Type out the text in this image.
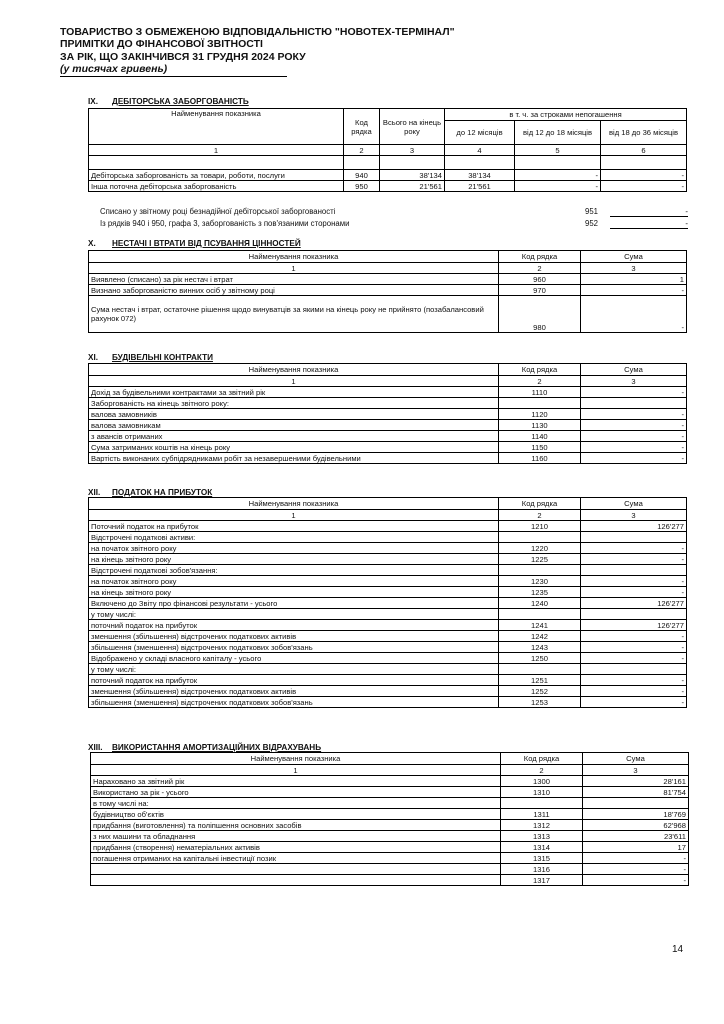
ТОВАРИСТВО З ОБМЕЖЕНОЮ ВІДПОВІДАЛЬНІСТЮ "НОВОТЕХ-ТЕРМІНАЛ"
ПРИМІТКИ ДО ФІНАНСОВОЇ ЗВІТНОСТІ
ЗА РІК, ЩО ЗАКІНЧИВСЯ 31 ГРУДНЯ 2024 РОКУ
(у тисячах гривень)
IX. ДЕБІТОРСЬКА ЗАБОРГОВАНІСТЬ
Найменування показника	Код рядка	Всього на кінець року	в т. ч. за строками непогашення		
			до 12 місяців	від 12 до 18 місяців	від 18 до 36 місяців
1	2	3	4	5	6

Дебіторська заборгованість за товари, роботи, послуги	940	38'134	38'134	-	-
Інша поточна дебіторська заборгованість	950	21'561	21'561	-	-
Списано у звітному році безнадійної дебіторської заборгованості	951	-
Із рядків 940 і 950, графа 3, заборгованість з пов'язаними сторонами	952	-
X. НЕСТАЧІ І ВТРАТИ ВІД ПСУВАННЯ ЦІННОСТЕЙ
Найменування показника	Код рядка	Сума
1	2	3
Виявлено (списано) за рік нестач і втрат	960	1
Визнано заборгованістю винних осіб у звітному році	970	-
Сума нестач і втрат, остаточне рішення щодо винуватців за якими на кінець року не прийнято (позабалансовий рахунок 072)	980	-
XI. БУДІВЕЛЬНІ КОНТРАКТИ
Найменування показника	Код рядка	Сума
1	2	3
Дохід за будівельними контрактами за звітний рік	1110	-
Заборгованість на кінець звітного року:		
валова замовників	1120	-
валова замовникам	1130	-
з авансів отриманих	1140	-
Сума затриманих коштів на кінець року	1150	-
Вартість виконаних субпідрядниками робіт за незавершеними будівельними	1160	-
XII. ПОДАТОК НА ПРИБУТОК
Найменування показника	Код рядка	Сума
1	2	3
Поточний податок на прибуток	1210	126'277
Відстрочені податкові активи:		
на початок звітного року	1220	-
на кінець звітного року	1225	-
Відстрочені податкові зобов'язання:		
на початок звітного року	1230	-
на кінець звітного року	1235	-
Включено до Звіту про фінансові результати - усього	1240	126'277
у тому числі:		
поточний податок на прибуток	1241	126'277
зменшення (збільшення) відстрочених податкових активів	1242	-
збільшення (зменшення) відстрочених податкових зобов'язань	1243	-
Відображено у складі власного капіталу - усього	1250	-
у тому числі:		
поточний податок на прибуток	1251	-
зменшення (збільшення) відстрочених податкових активів	1252	-
збільшення (зменшення) відстрочених податкових зобов'язань	1253	-
XIII. ВИКОРИСТАННЯ АМОРТИЗАЦІЙНИХ ВІДРАХУВАНЬ
Найменування показника	Код рядка	Сума
1	2	3
Нараховано за звітний рік	1300	28'161
Використано за рік - усього	1310	81'754
в тому числі на:		
будівництво об'єктів	1311	18'769
придбання (виготовлення) та поліпшення основних засобів	1312	62'968
з них машини та обладнання	1313	23'611
придбання (створення) нематеріальних активів	1314	17
погашення отриманих на капітальні інвестиції позик	1315	-
	1316	-
	1317	-
14
